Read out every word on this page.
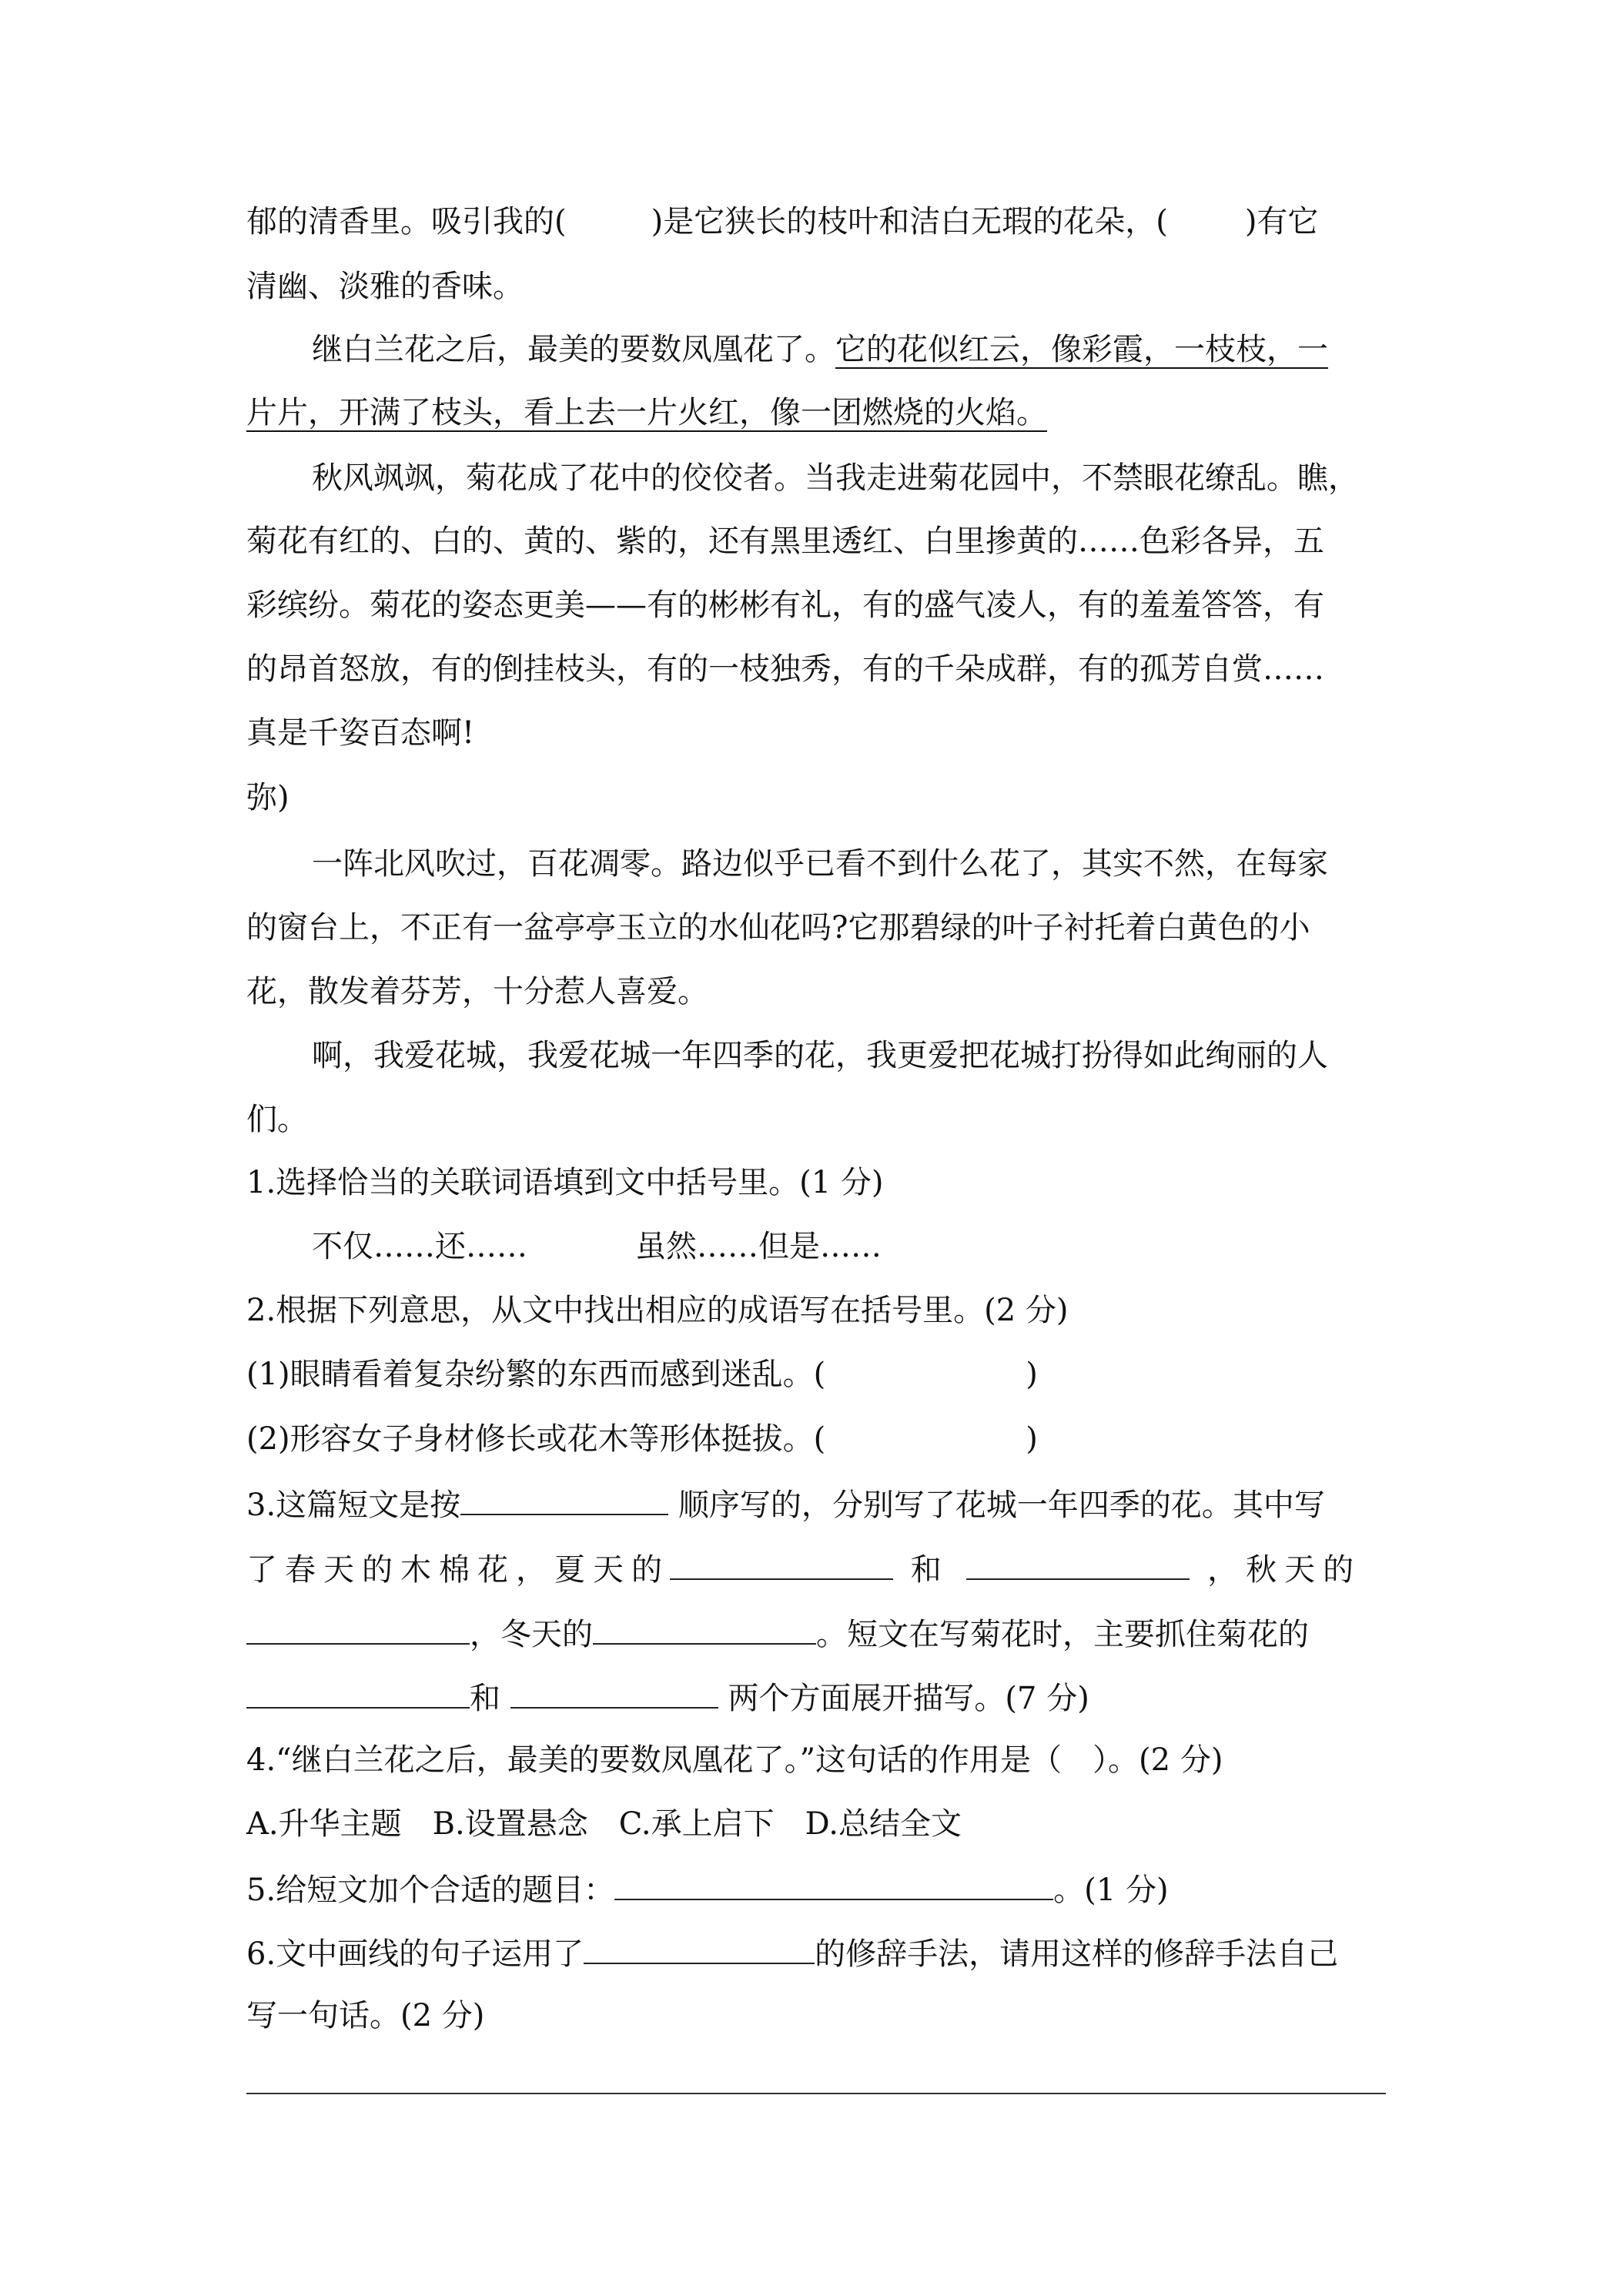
郁的清香里。吸引我的(	)是它狭长的枝叶和洁白无瑕的花朵，(	)有它
清幽、淡雅的香味。
继白兰花之后，最美的要数凤凰花了。它的花似红云，像彩霞，一枝枝，一
片片，开满了枝头，看上去一片火红，像一团燃烧的火焰。
秋风飒飒，菊花成了花中的佼佼者。当我走进菊花园中，不禁眼花缭乱。瞧，
菊花有红的、白的、黄的、紫的，还有黑里透红、白里掺黄的……色彩各异，五
彩缤纷。菊花的姿态更美——有的彬彬有礼，有的盛气凌人，有的羞羞答答，有
的昂首怒放，有的倒挂枝头，有的一枝独秀，有的千朵成群，有的孤芳自赏……
真是千姿百态啊!
弥)
一阵北风吹过，百花凋零。路边似乎已看不到什么花了，其实不然，在每家
的窗台上，不正有一盆亭亭玉立的水仙花吗?它那碧绿的叶子衬托着白黄色的小
花，散发着芬芳，十分惹人喜爱。
啊，我爱花城，我爱花城一年四季的花，我更爱把花城打扮得如此绚丽的人
们。
1.选择恰当的关联词语填到文中括号里。(1 分)
不仅……还……	虽然……但是……
2.根据下列意思，从文中找出相应的成语写在括号里。(2 分)
(1)眼睛看着复杂纷繁的东西而感到迷乱。(	)
(2)形容女子身材修长或花木等形体挺拔。(	)
3.这篇短文是按	顺序写的，分别写了花城一年四季的花。其中写
了春天的木棉花，夏天的	和	，秋天的
，冬天的	。短文在写菊花时，主要抓住菊花的
和	两个方面展开描写。(7 分)
4.“继白兰花之后，最美的要数凤凰花了。”这句话的作用是（　）。(2 分)
A.升华主题　B.设置悬念　C.承上启下　D.总结全文
5.给短文加个合适的题目：	。(1 分)
6.文中画线的句子运用了	的修辞手法，请用这样的修辞手法自己
写一句话。(2 分)
